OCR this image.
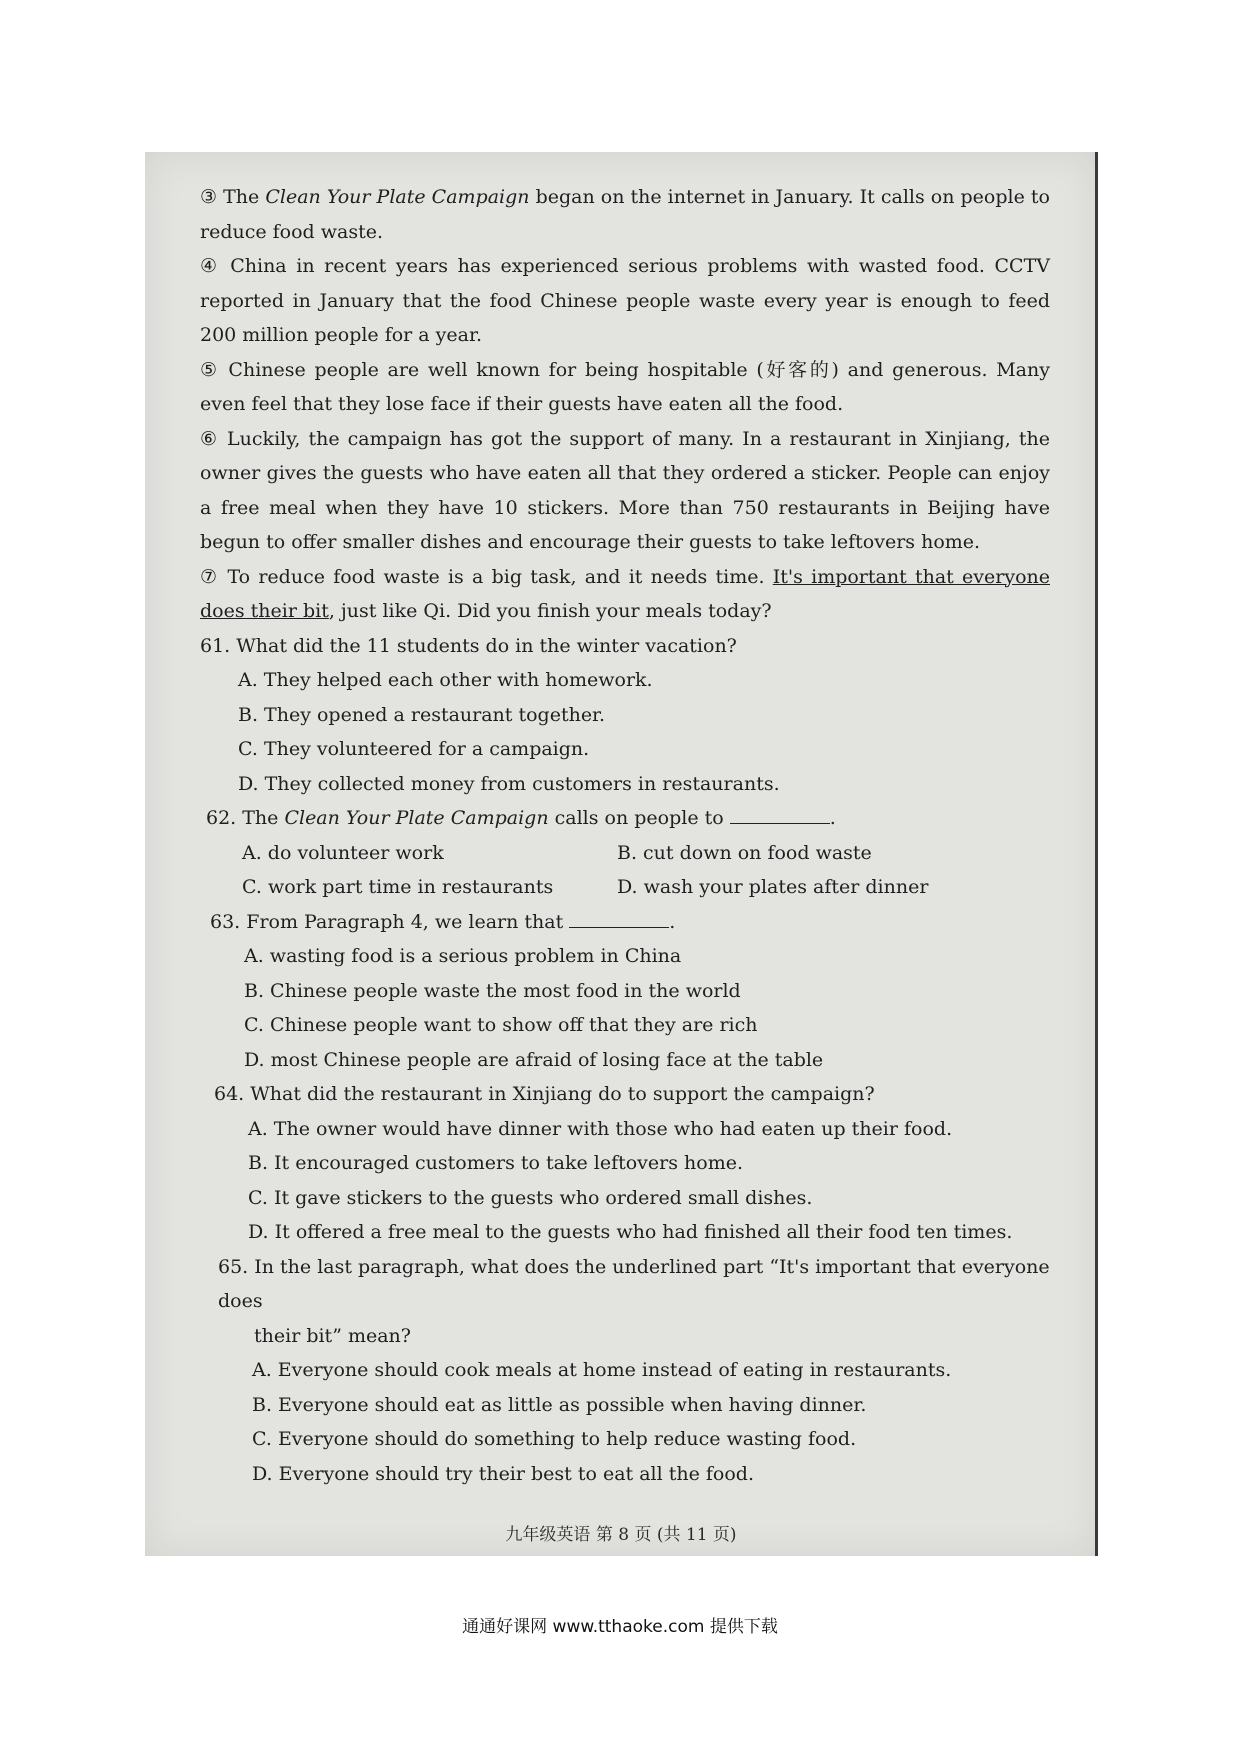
③ The Clean Your Plate Campaign began on the internet in January. It calls on people to reduce food waste.

④ China in recent years has experienced serious problems with wasted food. CCTV reported in January that the food Chinese people waste every year is enough to feed 200 million people for a year.

⑤ Chinese people are well known for being hospitable (好客的) and generous. Many even feel that they lose face if their guests have eaten all the food.

⑥ Luckily, the campaign has got the support of many. In a restaurant in Xinjiang, the owner gives the guests who have eaten all that they ordered a sticker. People can enjoy a free meal when they have 10 stickers. More than 750 restaurants in Beijing have begun to offer smaller dishes and encourage their guests to take leftovers home.

⑦ To reduce food waste is a big task, and it needs time. It's important that everyone does their bit, just like Qi. Did you finish your meals today?

61. What did the 11 students do in the winter vacation?

A. They helped each other with homework.

B. They opened a restaurant together.

C. They volunteered for a campaign.

D. They collected money from customers in restaurants.

62. The Clean Your Plate Campaign calls on people to	.

A. do volunteer work	B. cut down on food waste
C. work part time in restaurants	D. wash your plates after dinner

63. From Paragraph 4, we learn that	.

A. wasting food is a serious problem in China

B. Chinese people waste the most food in the world

C. Chinese people want to show off that they are rich

D. most Chinese people are afraid of losing face at the table

64. What did the restaurant in Xinjiang do to support the campaign?

A. The owner would have dinner with those who had eaten up their food.

B. It encouraged customers to take leftovers home.

C. It gave stickers to the guests who ordered small dishes.

D. It offered a free meal to the guests who had finished all their food ten times.

65. In the last paragraph, what does the underlined part “It's important that everyone does

their bit” mean?

A. Everyone should cook meals at home instead of eating in restaurants.

B. Everyone should eat as little as possible when having dinner.

C. Everyone should do something to help reduce wasting food.

D. Everyone should try their best to eat all the food.

九年级英语 第 8 页 (共 11 页)
通通好课网 www.tthaoke.com 提供下载
